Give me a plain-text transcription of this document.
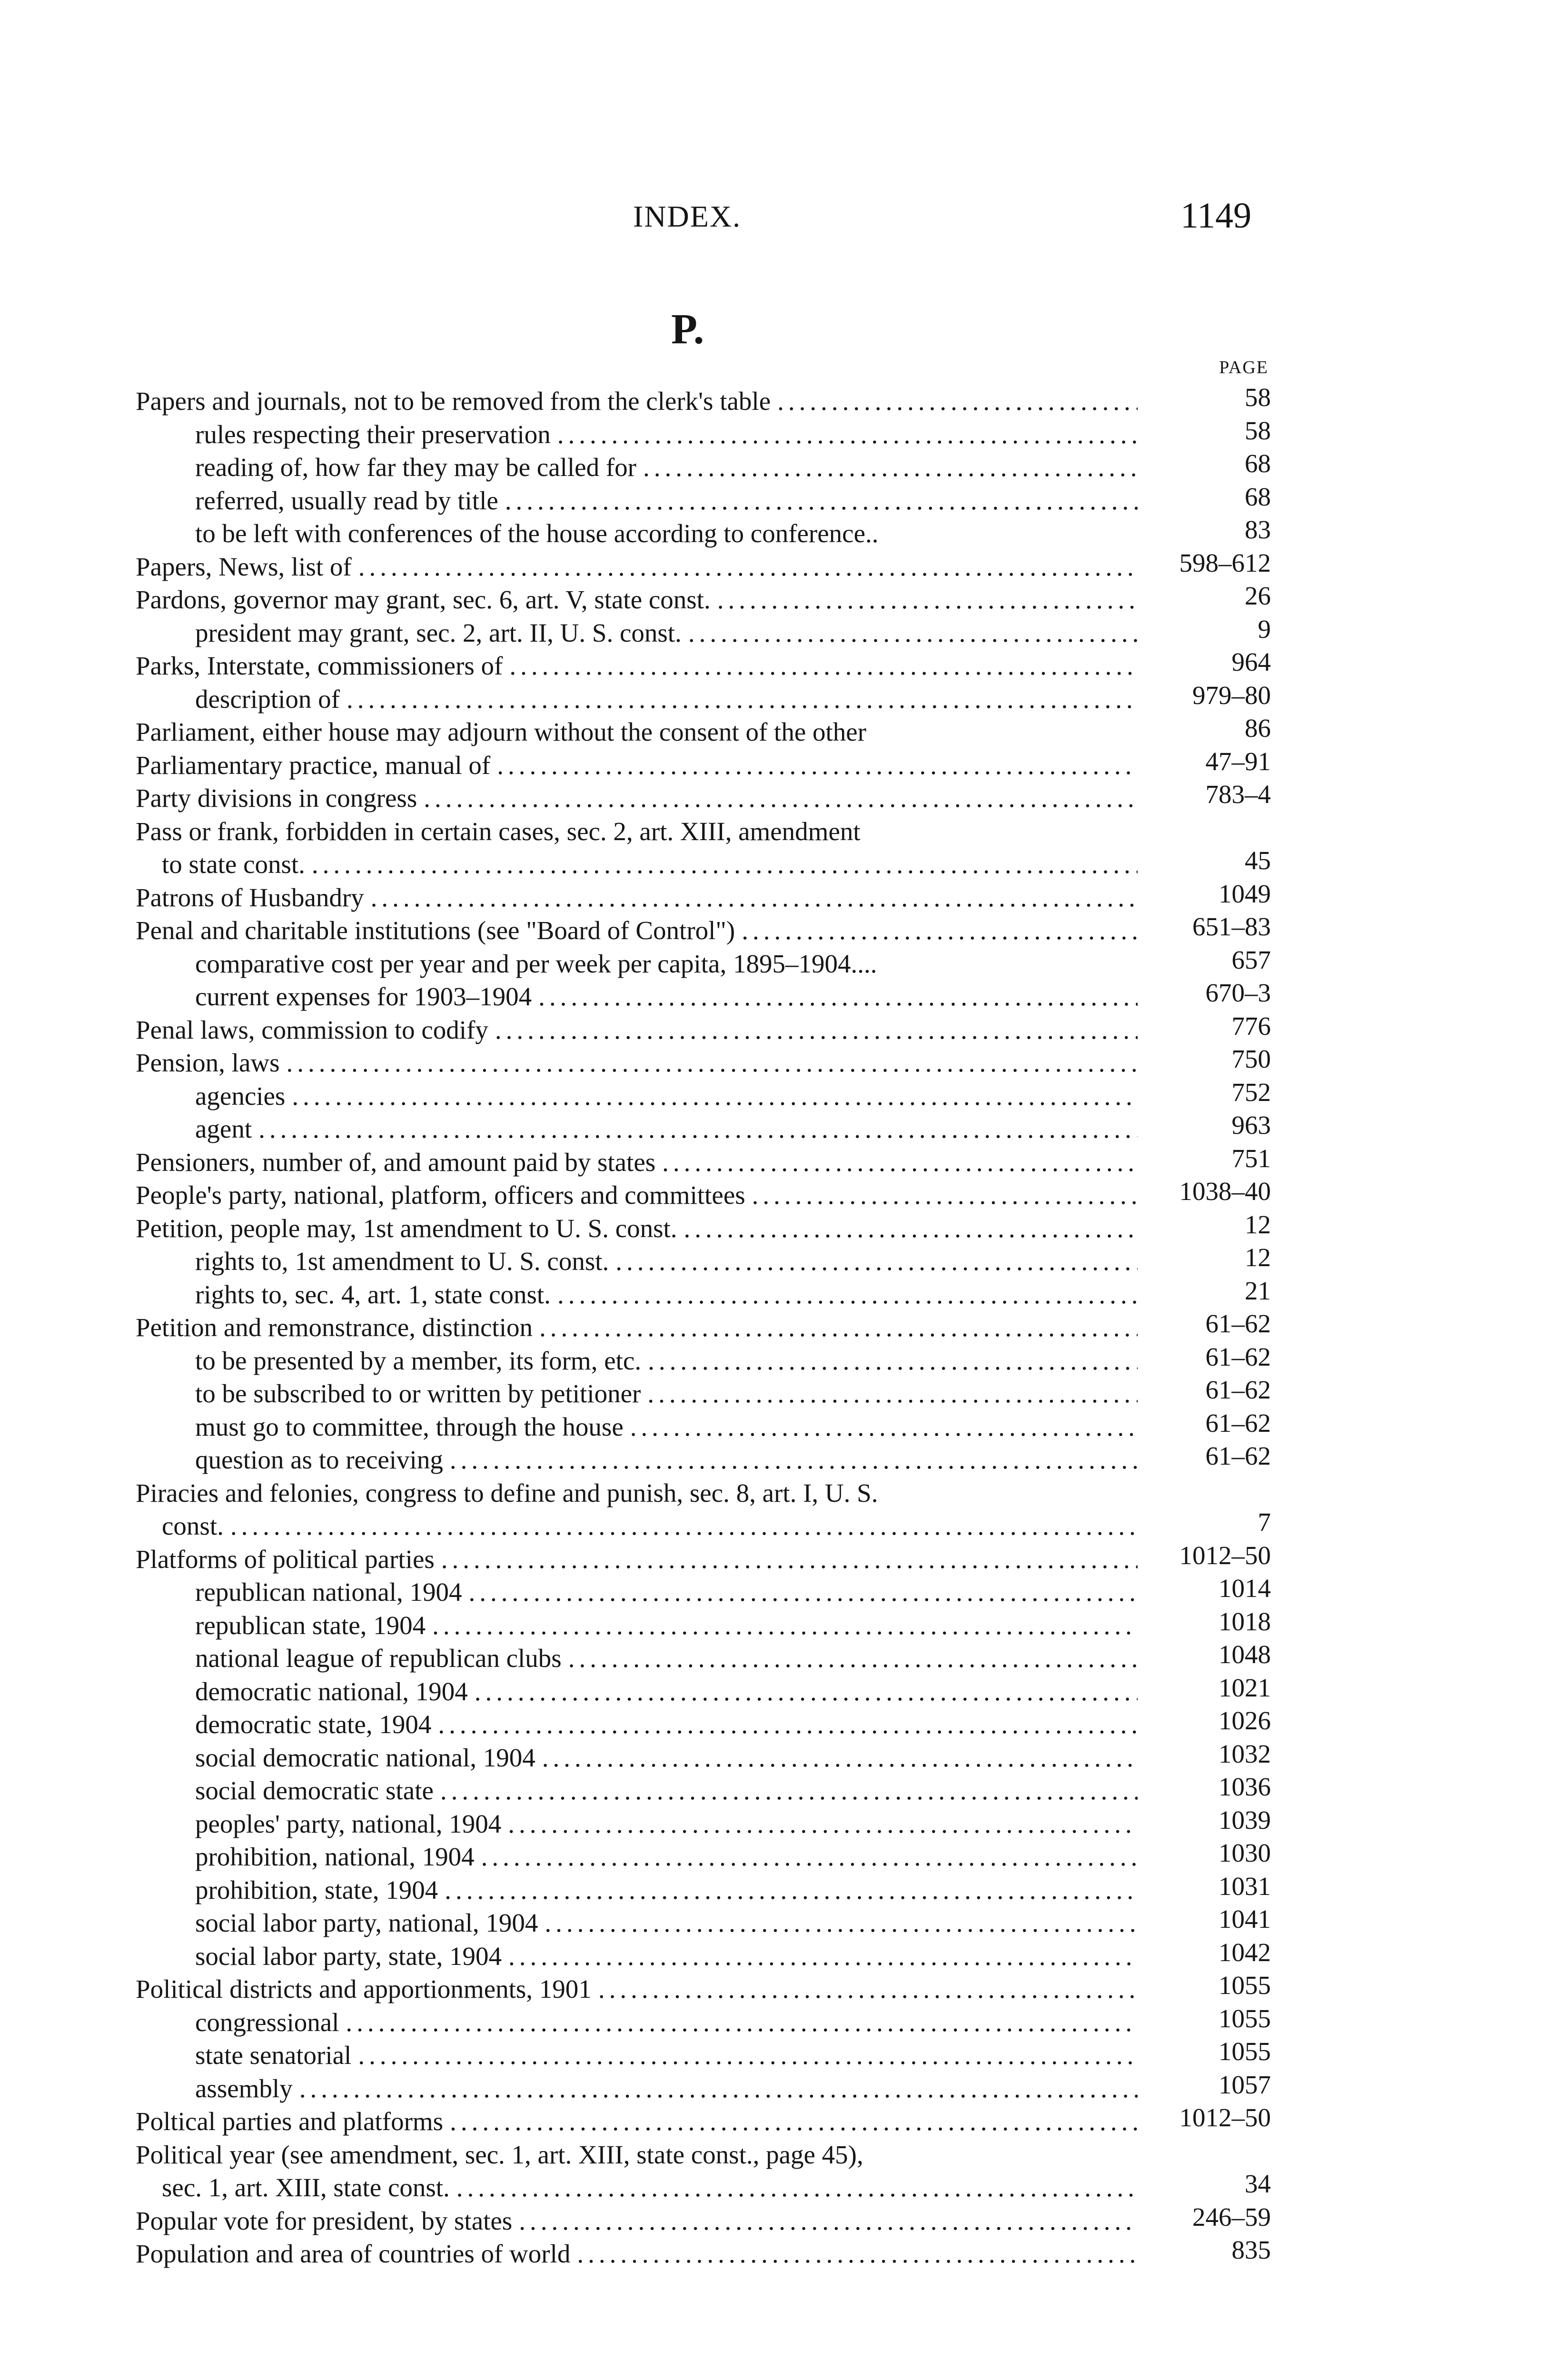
INDEX.	1149
P.
PAGE
Papers and journals, not to be removed from the clerk's table .....	58
rules respecting their preservation .....	58
reading of, how far they may be called for .....	68
referred, usually read by title .....	68
to be left with conferences of the house according to conference..	83
Papers, News, list of .....	598–612
Pardons, governor may grant, sec. 6, art. V, state const. .....	26
president may grant, sec. 2, art. II, U. S. const. .....	9
Parks, Interstate, commissioners of .....	964
description of .....	979–80
Parliament, either house may adjourn without the consent of the other	86
Parliamentary practice, manual of .....	47–91
Party divisions in congress .....	783–4
Pass or frank, forbidden in certain cases, sec. 2, art. XIII, amendment
to state const. .....	45
Patrons of Husbandry .....	1049
Penal and charitable institutions (see "Board of Control") .....	651–83
comparative cost per year and per week per capita, 1895–1904....	657
current expenses for 1903–1904 .....	670–3
Penal laws, commission to codify .....	776
Pension, laws .....	750
agencies .....	752
agent .....	963
Pensioners, number of, and amount paid by states .....	751
People's party, national, platform, officers and committees .....	1038–40
Petition, people may, 1st amendment to U. S. const. .....	12
rights to, 1st amendment to U. S. const. .....	12
rights to, sec. 4, art. 1, state const. .....	21
Petition and remonstrance, distinction .....	61–62
to be presented by a member, its form, etc. .....	61–62
to be subscribed to or written by petitioner .....	61–62
must go to committee, through the house .....	61–62
question as to receiving .....	61–62
Piracies and felonies, congress to define and punish, sec. 8, art. I, U. S.
const. .....	7
Platforms of political parties .....	1012–50
republican national, 1904 .....	1014
republican state, 1904 .....	1018
national league of republican clubs .....	1048
democratic national, 1904 .....	1021
democratic state, 1904 .....	1026
social democratic national, 1904 .....	1032
social democratic state .....	1036
peoples' party, national, 1904 .....	1039
prohibition, national, 1904 .....	1030
prohibition, state, 1904 .....	1031
social labor party, national, 1904 .....	1041
social labor party, state, 1904 .....	1042
Political districts and apportionments, 1901 .....	1055
congressional .....	1055
state senatorial .....	1055
assembly .....	1057
Poltical parties and platforms .....	1012–50
Political year (see amendment, sec. 1, art. XIII, state const., page 45),
sec. 1, art. XIII, state const. .....	34
Popular vote for president, by states .....	246–59
Population and area of countries of world .....	835
